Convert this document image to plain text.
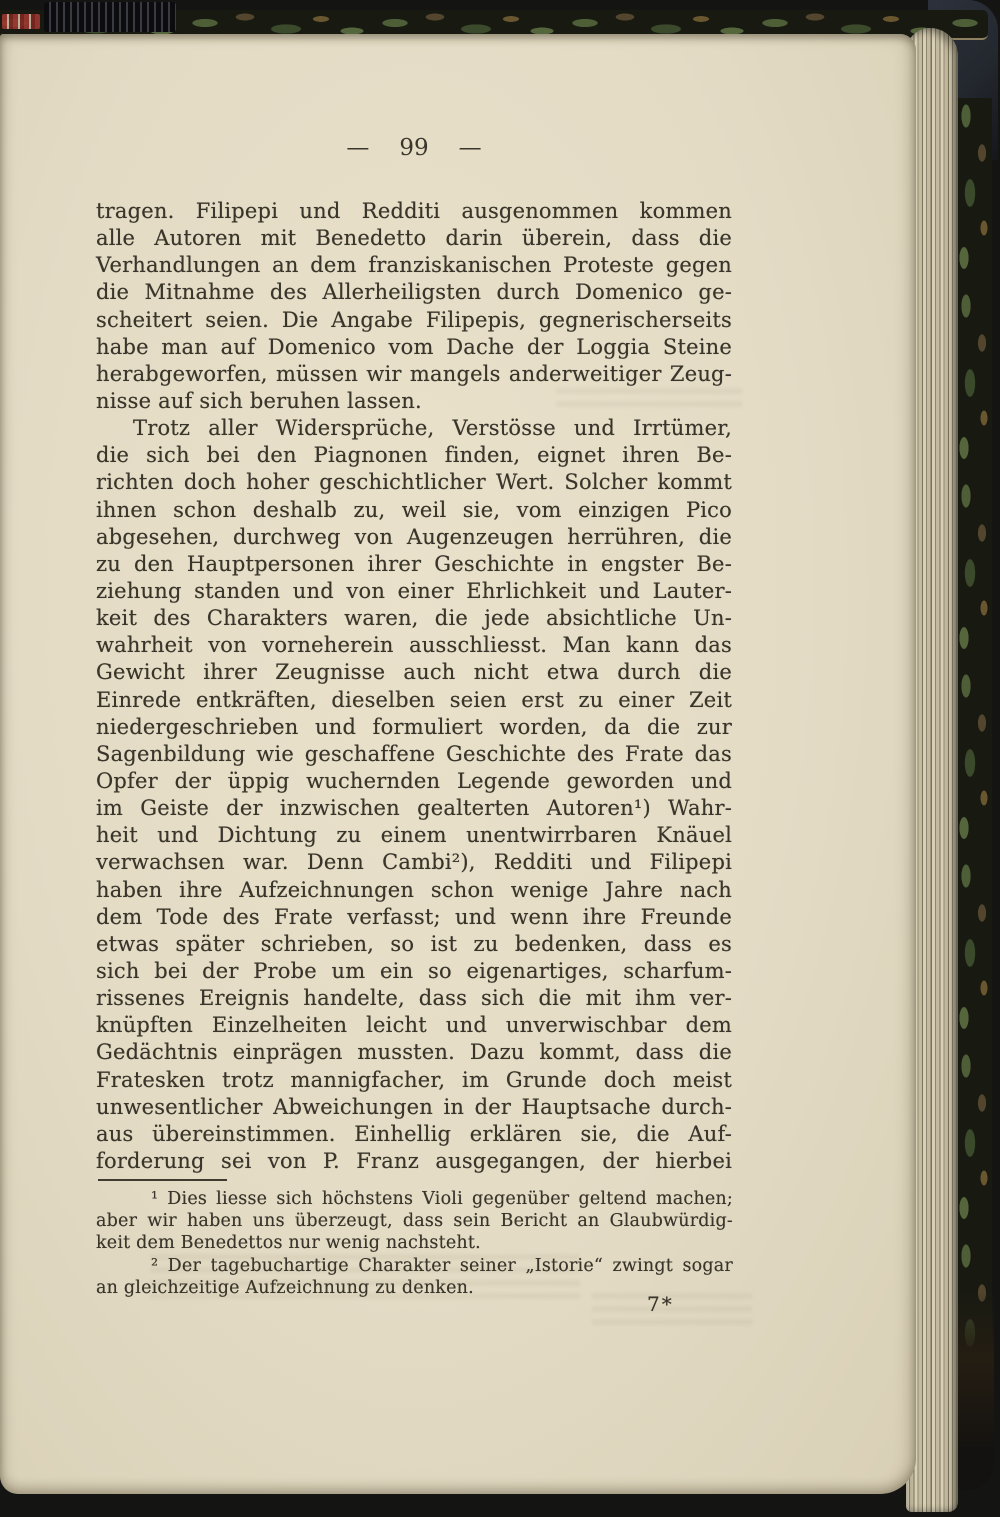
— 99 —
tragen. Filipepi und Redditi ausgenommen kommen
alle Autoren mit Benedetto darin überein, dass die
Verhandlungen an dem franziskanischen Proteste gegen
die Mitnahme des Allerheiligsten durch Domenico ge-
scheitert seien. Die Angabe Filipepis, gegnerischerseits
habe man auf Domenico vom Dache der Loggia Steine
herabgeworfen, müssen wir mangels anderweitiger Zeug-
nisse auf sich beruhen lassen.
Trotz aller Widersprüche, Verstösse und Irrtümer,
die sich bei den Piagnonen finden, eignet ihren Be-
richten doch hoher geschichtlicher Wert. Solcher kommt
ihnen schon deshalb zu, weil sie, vom einzigen Pico
abgesehen, durchweg von Augenzeugen herrühren, die
zu den Hauptpersonen ihrer Geschichte in engster Be-
ziehung standen und von einer Ehrlichkeit und Lauter-
keit des Charakters waren, die jede absichtliche Un-
wahrheit von vorneherein ausschliesst. Man kann das
Gewicht ihrer Zeugnisse auch nicht etwa durch die
Einrede entkräften, dieselben seien erst zu einer Zeit
niedergeschrieben und formuliert worden, da die zur
Sagenbildung wie geschaffene Geschichte des Frate das
Opfer der üppig wuchernden Legende geworden und
im Geiste der inzwischen gealterten Autoren¹) Wahr-
heit und Dichtung zu einem unentwirrbaren Knäuel
verwachsen war. Denn Cambi²), Redditi und Filipepi
haben ihre Aufzeichnungen schon wenige Jahre nach
dem Tode des Frate verfasst; und wenn ihre Freunde
etwas später schrieben, so ist zu bedenken, dass es
sich bei der Probe um ein so eigenartiges, scharfum-
rissenes Ereignis handelte, dass sich die mit ihm ver-
knüpften Einzelheiten leicht und unverwischbar dem
Gedächtnis einprägen mussten. Dazu kommt, dass die
Fratesken trotz mannigfacher, im Grunde doch meist
unwesentlicher Abweichungen in der Hauptsache durch-
aus übereinstimmen. Einhellig erklären sie, die Auf-
forderung sei von P. Franz ausgegangen, der hierbei
¹ Dies liesse sich höchstens Violi gegenüber geltend machen;
aber wir haben uns überzeugt, dass sein Bericht an Glaubwürdig-
keit dem Benedettos nur wenig nachsteht.
² Der tagebuchartige Charakter seiner „Istorie“ zwingt sogar
an gleichzeitige Aufzeichnung zu denken.
7*
